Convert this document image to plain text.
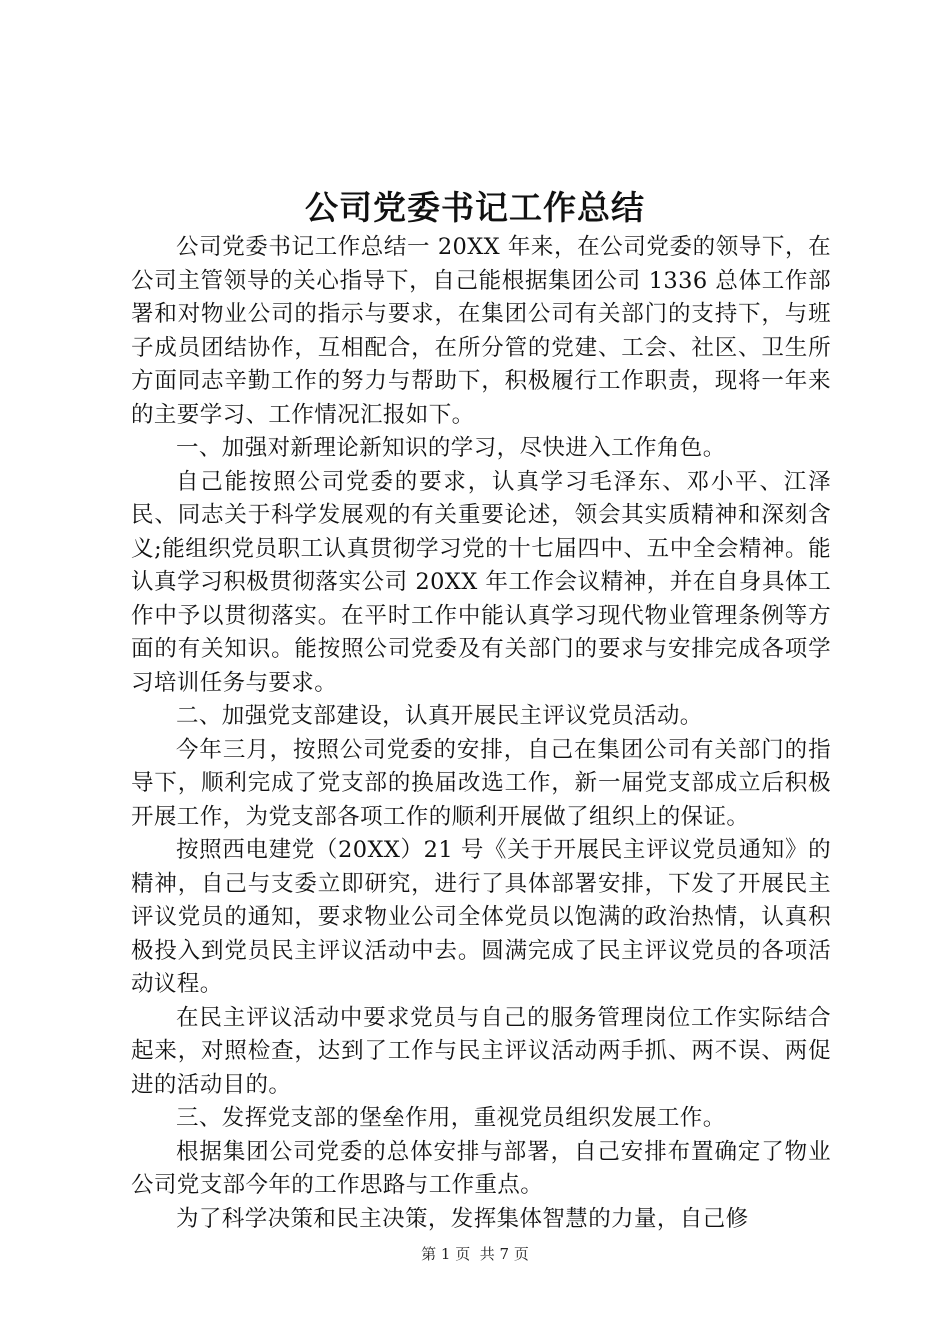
公司党委书记工作总结

公司党委书记工作总结一 20XX 年来，在公司党委的领导下，在公司主管领导的关心指导下，自己能根据集团公司 1336 总体工作部署和对物业公司的指示与要求，在集团公司有关部门的支持下，与班子成员团结协作，互相配合，在所分管的党建、工会、社区、卫生所方面同志辛勤工作的努力与帮助下，积极履行工作职责，现将一年来的主要学习、工作情况汇报如下。

一、加强对新理论新知识的学习，尽快进入工作角色。

自己能按照公司党委的要求，认真学习毛泽东、邓小平、江泽民、同志关于科学发展观的有关重要论述，领会其实质精神和深刻含义;能组织党员职工认真贯彻学习党的十七届四中、五中全会精神。能认真学习积极贯彻落实公司 20XX 年工作会议精神，并在自身具体工作中予以贯彻落实。在平时工作中能认真学习现代物业管理条例等方面的有关知识。能按照公司党委及有关部门的要求与安排完成各项学习培训任务与要求。

二、加强党支部建设，认真开展民主评议党员活动。

今年三月，按照公司党委的安排，自己在集团公司有关部门的指导下，顺利完成了党支部的换届改选工作，新一届党支部成立后积极开展工作，为党支部各项工作的顺利开展做了组织上的保证。

按照西电建党（20XX）21 号《关于开展民主评议党员通知》的精神，自己与支委立即研究，进行了具体部署安排，下发了开展民主评议党员的通知，要求物业公司全体党员以饱满的政治热情，认真积极投入到党员民主评议活动中去。圆满完成了民主评议党员的各项活动议程。

在民主评议活动中要求党员与自己的服务管理岗位工作实际结合起来，对照检查，达到了工作与民主评议活动两手抓、两不误、两促进的活动目的。

三、发挥党支部的堡垒作用，重视党员组织发展工作。

根据集团公司党委的总体安排与部署，自己安排布置确定了物业公司党支部今年的工作思路与工作重点。

为了科学决策和民主决策，发挥集体智慧的力量，自己修

第 1 页  共 7 页
